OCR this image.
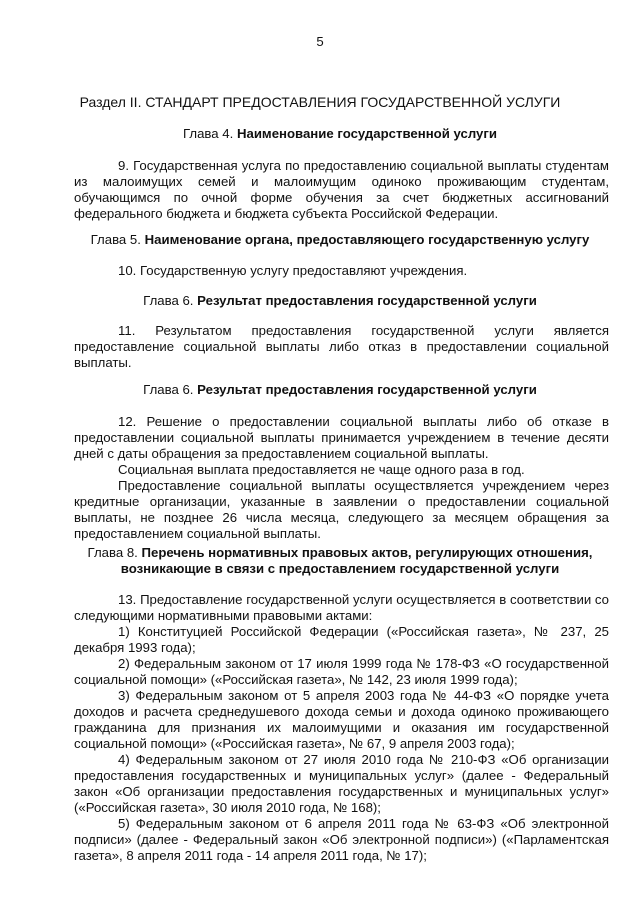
5
Раздел II. СТАНДАРТ ПРЕДОСТАВЛЕНИЯ ГОСУДАРСТВЕННОЙ УСЛУГИ
Глава 4. Наименование государственной услуги

9. Государственная услуга по предоставлению социальной выплаты студентам из малоимущих семей и малоимущим одиноко проживающим студентам, обучающимся по очной форме обучения за счет бюджетных ассигнований федерального бюджета и бюджета субъекта Российской Федерации.

Глава 5. Наименование органа, предоставляющего государственную услугу

10. Государственную услугу предоставляют учреждения.

Глава 6. Результат предоставления государственной услуги

11. Результатом предоставления государственной услуги является предоставление социальной выплаты либо отказ в предоставлении социальной выплаты.

Глава 6. Результат предоставления государственной услуги

12. Решение о предоставлении социальной выплаты либо об отказе в предоставлении социальной выплаты принимается учреждением в течение десяти дней с даты обращения за предоставлением социальной выплаты.

Социальная выплата предоставляется не чаще одного раза в год.

Предоставление социальной выплаты осуществляется учреждением через кредитные организации, указанные в заявлении о предоставлении социальной выплаты, не позднее 26 числа месяца, следующего за месяцем обращения за предоставлением социальной выплаты.

Глава 8. Перечень нормативных правовых актов, регулирующих отношения,
возникающие в связи с предоставлением государственной услуги

13. Предоставление государственной услуги осуществляется в соответствии со следующими нормативными правовыми актами:

1) Конституцией Российской Федерации («Российская газета», № 237, 25 декабря 1993 года);

2) Федеральным законом от 17 июля 1999 года № 178-ФЗ «О государственной социальной помощи» («Российская газета», № 142, 23 июля 1999 года);

3) Федеральным законом от 5 апреля 2003 года № 44-ФЗ «О порядке учета доходов и расчета среднедушевого дохода семьи и дохода одиноко проживающего гражданина для признания их малоимущими и оказания им государственной социальной помощи» («Российская газета», № 67, 9 апреля 2003 года);

4) Федеральным законом от 27 июля 2010 года № 210-ФЗ «Об организации предоставления государственных и муниципальных услуг» (далее - Федеральный закон «Об организации предоставления государственных и муниципальных услуг» («Российская газета», 30 июля 2010 года, № 168);

5) Федеральным законом от 6 апреля 2011 года № 63-ФЗ «Об электронной подписи» (далее - Федеральный закон «Об электронной подписи») («Парламентская газета», 8 апреля 2011 года - 14 апреля 2011 года, № 17);
